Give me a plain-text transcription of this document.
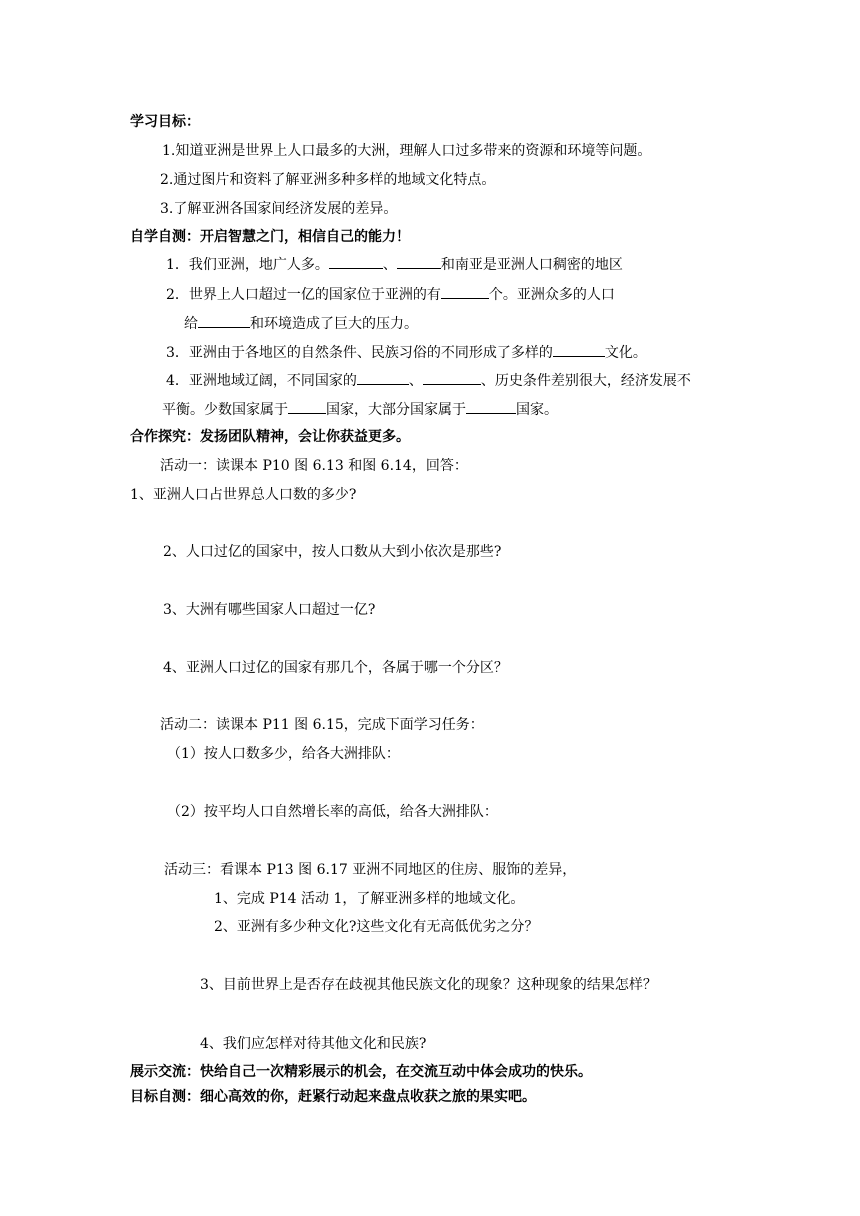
学习目标：
1.知道亚洲是世界上人口最多的大洲，理解人口过多带来的资源和环境等问题。
2.通过图片和资料了解亚洲多种多样的地域文化特点。
3.了解亚洲各国家间经济发展的差异。
自学自测：开启智慧之门，相信自己的能力！
1．我们亚洲，地广人多。	、	和南亚是亚洲人口稠密的地区
2．世界上人口超过一亿的国家位于亚洲的有	个。亚洲众多的人口
给	和环境造成了巨大的压力。
3．亚洲由于各地区的自然条件、民族习俗的不同形成了多样的	文化。
4．亚洲地域辽阔，不同国家的	、	、历史条件差别很大，经济发展不
平衡。少数国家属于	国家，大部分国家属于	国家。
合作探究：发扬团队精神，会让你获益更多。
活动一：读课本 P10 图 6.13 和图 6.14，回答：
1、亚洲人口占世界总人口数的多少?
2、人口过亿的国家中，按人口数从大到小依次是那些?
3、大洲有哪些国家人口超过一亿?
4、亚洲人口过亿的国家有那几个，各属于哪一个分区？
活动二：读课本 P11 图 6.15，完成下面学习任务：
（1）按人口数多少，给各大洲排队：
（2）按平均人口自然增长率的高低，给各大洲排队：
活动三：看课本 P13 图 6.17 亚洲不同地区的住房、服饰的差异，
1、完成 P14 活动 1，了解亚洲多样的地域文化。
2、亚洲有多少种文化?这些文化有无高低优劣之分？
3、目前世界上是否存在歧视其他民族文化的现象？这种现象的结果怎样？
4、我们应怎样对待其他文化和民族?
展示交流：快给自己一次精彩展示的机会，在交流互动中体会成功的快乐。
目标自测：细心高效的你，赶紧行动起来盘点收获之旅的果实吧。
